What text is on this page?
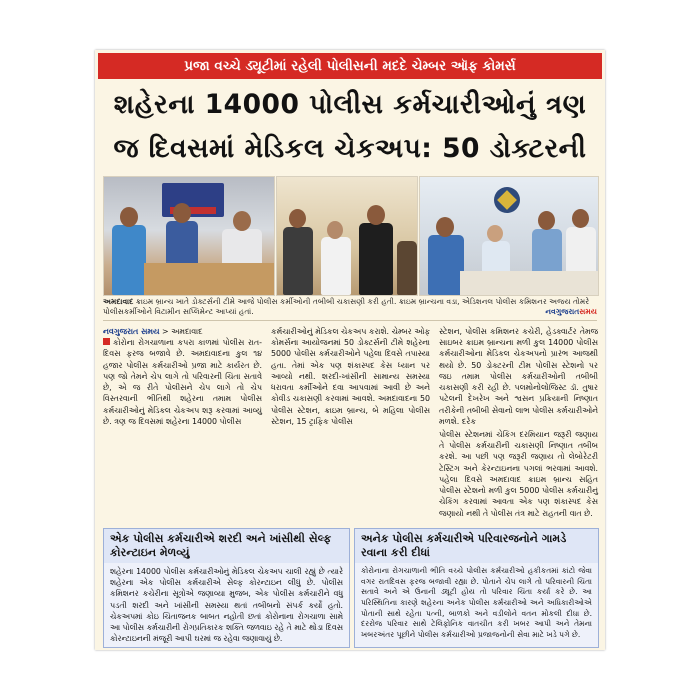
પ્રજા વચ્ચે ડ્યૂટીમાં રહેલી પોલીસની મદદે ચેમ્બર ઑફ કોમર્સ
શહેરના 14000 પોલીસ કર્મચારીઓનું ત્રણ
જ દિવસમાં મેડિકલ ચેકઅપ: 50 ડોક્ટરની
અમદાવાદ ક્રાઇમ બ્રાન્ચ ખાતે ડોક્ટર્સની ટીમે આજે પોલીસ કર્મીઓની તબીબી ચકાસણી કરી હતી. ક્રાઇમ બ્રાન્ચના વડા, એડિશનલ પોલીસ કમિશનર અજય તોમરે પોલીસકર્મીઓને વિટામીન સપ્લિમેન્ટ આપ્યાં હતાં.	નવગુજરાતસમય
નવગુજરાત સમય > અમદાવાદ
કોરોના રોગચાળાના કપરા કાળમાં પોલીસ રાત-દિવસ ફરજ બજાવે છે. અમદાવાદના કુલ ૧૪ હજાર પોલીસ કર્મચારીઓ પ્રજા માટે કાર્યરત છે. પણ જો તેમને ચેપ લાગે તો પરિવારની ચિંતા સતાવે છે, એ જ રીતે પોલીસને ચેપ લાગે તો ચેપ વિસ્તરવાની ભીતિથી શહેરના તમામ પોલીસ કર્મચારીઓનું મેડિકલ ચેકઅપ શરૂ કરવામાં આવ્યું છે. ત્રણ જ દિવસમાં શહેરના 14000 પોલીસ
કર્મચારીઓનું મેડિકલ ચેકઅપ કરાશે. ચેમ્બર ઓફ કોમર્સના આયોજનમાં 50 ડોક્ટર્સની ટીમે શહેરના 5000 પોલીસ કર્મચારીઓને પહેલા દિવસે તપાસ્યા હતા. તેમાં એક પણ શંકાસ્પદ કેસ ધ્યાન પર આવ્યો નથી. શરદી-ખાંસીની સામાન્ય સમસ્યા ધરાવતા કર્મીઓને દવા આપવામાં આવી છે અને કોવીડ ચકાસણી કરવામાં આવશે. અમદાવાદના 50 પોલીસ સ્ટેશન, ક્રાઇમ બ્રાન્ચ, બે મહિલા પોલીસ સ્ટેશન, 15 ટ્રાફિક પોલીસ
સ્ટેશન, પોલીસ કમિશનર કચેરી, હેડક્વાર્ટર તેમજ સાઇબર ક્રાઇમ બ્રાન્ચના મળી કુલ 14000 પોલીસ કર્મચારીઓના મેડિકલ ચેકઅપનો પ્રારંભ આજથી થયો છે. 50 ડોક્ટરની ટીમ પોલીસ સ્ટેશનો પર જઇ તમામ પોલીસ કર્મચારીઓની તબીબી ચકાસણી કરી રહી છે. પલમોનોલોજિસ્ટ ડૉ. તુષાર પટેલની દેખરેખ અને શ્વસન પ્રક્રિયાની નિષ્ણાત તરીકેની તબીબી સેવાનો લાભ પોલીસ કર્મચારીઓને મળશે. દરેક
પોલીસ સ્ટેશનમાં ચેકિંગ દરમિયાન જરૂરી જણાય તે પોલીસ કર્મચારીની ચકાસણી નિષ્ણાત તબીબ કરશે. આ પછી પણ જરૂરી જણાય તો લેબોરેટરી ટેસ્ટિંગ અને કેરન્ટાઇનના પગલાં ભરવામાં આવશે. પહેલા દિવસે અમદાવાદ ક્રાઇમ બ્રાન્ચ સહિત પોલીસ સ્ટેશનો મળી કુલ 5000 પોલીસ કર્મચારીનું ચેકિંગ કરવામાં આવતા એક પણ શંકાસ્પદ કેસ જણાયો નથી તે પોલીસ તંત્ર માટે રાહતની વાત છે.
એક પોલીસ કર્મચારીએ શરદી અને ખાંસીથી સેલ્ફ કોરન્ટાઇન મેળવ્યું

શહેરના 14000 પોલીસ કર્મચારીઓનું મેડિકલ ચેકઅપ ચાલી રહ્યું છે ત્યારે શહેરના એક પોલીસ કર્મચારીએ સેલ્ફ કોરન્ટાઇન લીધું છે. પોલીસ કમિશનર કચેરીના સૂત્રોએ જણાવ્યા મુજબ, એક પોલીસ કર્મચારીને વધુ પડતી શરદી અને ખાંસીની સમસ્યા થતાં તબીબનો સંપર્ક કર્યો હતો. ચેકઅપમાં કોઇ ચિંતાજનક બાબત નહોતી છતાં કોરોનાના રોગચાળા સામે આ પોલીસ કર્મચારીની રોગપ્રતિકારક શક્તિ જળવાઇ રહે તે માટે થોડા દિવસ કોરન્ટાઇનની મંજૂરી આપી ઘરમાં જ રહેવા જણાવાયું છે.

અનેક પોલીસ કર્મચારીએ પરિવારજનોને ગામડે રવાના કરી દીધાં

કોરોનાના રોગચાળાની ભીતિ વચ્ચે પોલીસ કર્મચારીઓ હકીકતમાં કાંટો જેવા વગર રાતદિવસ ફરજ બજાવી રહ્યા છે. પોતાને ચેપ લાગે તો પરિવારની ચિંતા સતાવે અને એ ઉનાની ડ્યૂટી હોય તો પરિવાર ચિંતા કર્યા કરે છે. આ પરિસ્થિતિના કારણે શહેરના અનેક પોલીસ કર્મચારીઓ અને અધિકારીઓએ પોતાની સાથે રહેતા પત્ની, બાળકો અને વડીલોને વતન મોકલી દીધા છે. દરરોજ પરિવાર સાથે ટેલિફોનિક વાતચીત કરી ખબર આપી અને તેમના ખબરઅંતર પૂછીને પોલીસ કર્મચારીઓ પ્રજાજનોની સેવા માટે ખડે પગે છે.
